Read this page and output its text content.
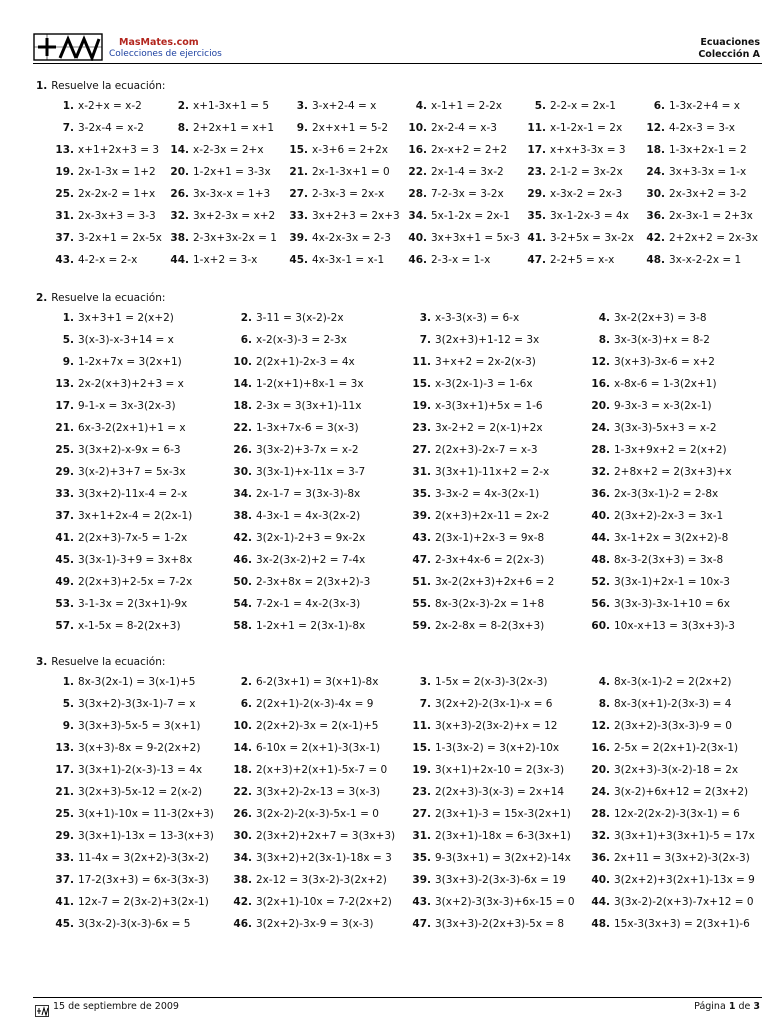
MasMates.com
Colecciones de ejercicios
Ecuaciones
Colección A
1. Resuelve la ecuación:
1. x-2+x = x-2	2. x+1-3x+1 = 5	3. 3-x+2-4 = x	4. x-1+1 = 2-2x	5. 2-2-x = 2x-1	6. 1-3x-2+4 = x
7. 3-2x-4 = x-2	8. 2+2x+1 = x+1	9. 2x+x+1 = 5-2	10. 2x-2-4 = x-3	11. x-1-2x-1 = 2x	12. 4-2x-3 = 3-x
13. x+1+2x+3 = 3	14. x-2-3x = 2+x	15. x-3+6 = 2+2x	16. 2x-x+2 = 2+2	17. x+x+3-3x = 3	18. 1-3x+2x-1 = 2
19. 2x-1-3x = 1+2	20. 1-2x+1 = 3-3x	21. 2x-1-3x+1 = 0	22. 2x-1-4 = 3x-2	23. 2-1-2 = 3x-2x	24. 3x+3-3x = 1-x
25. 2x-2x-2 = 1+x	26. 3x-3x-x = 1+3	27. 2-3x-3 = 2x-x	28. 7-2-3x = 3-2x	29. x-3x-2 = 2x-3	30. 2x-3x+2 = 3-2
31. 2x-3x+3 = 3-3	32. 3x+2-3x = x+2	33. 3x+2+3 = 2x+3 34. 5x-1-2x = 2x-1	35. 3x-1-2x-3 = 4x	36. 2x-3x-1 = 2+3x
37. 3-2x+1 = 2x-5x 38. 2-3x+3x-2x = 1	39. 4x-2x-3x = 2-3	40. 3x+3x+1 = 5x-3 41. 3-2+5x = 3x-2x	42. 2+2x+2 = 2x-3x
43. 4-2-x = 2-x	44. 1-x+2 = 3-x	45. 4x-3x-1 = x-1	46. 2-3-x = 1-x	47. 2-2+5 = x-x	48. 3x-x-2-2x = 1
2. Resuelve la ecuación:
1. 3x+3+1 = 2(x+2)	2. 3-11 = 3(x-2)-2x	3. x-3-3(x-3) = 6-x	4. 3x-2(2x+3) = 3-8
5. 3(x-3)-x-3+14 = x	6. x-2(x-3)-3 = 2-3x	7. 3(2x+3)+1-12 = 3x	8. 3x-3(x-3)+x = 8-2
9. 1-2x+7x = 3(2x+1)	10. 2(2x+1)-2x-3 = 4x	11. 3+x+2 = 2x-2(x-3)	12. 3(x+3)-3x-6 = x+2
13. 2x-2(x+3)+2+3 = x	14. 1-2(x+1)+8x-1 = 3x	15. x-3(2x-1)-3 = 1-6x	16. x-8x-6 = 1-3(2x+1)
17. 9-1-x = 3x-3(2x-3)	18. 2-3x = 3(3x+1)-11x	19. x-3(3x+1)+5x = 1-6	20. 9-3x-3 = x-3(2x-1)
21. 6x-3-2(2x+1)+1 = x	22. 1-3x+7x-6 = 3(x-3)	23. 3x-2+2 = 2(x-1)+2x	24. 3(3x-3)-5x+3 = x-2
25. 3(3x+2)-x-9x = 6-3	26. 3(3x-2)+3-7x = x-2	27. 2(2x+3)-2x-7 = x-3	28. 1-3x+9x+2 = 2(x+2)
29. 3(x-2)+3+7 = 5x-3x	30. 3(3x-1)+x-11x = 3-7	31. 3(3x+1)-11x+2 = 2-x	32. 2+8x+2 = 2(3x+3)+x
33. 3(3x+2)-11x-4 = 2-x	34. 2x-1-7 = 3(3x-3)-8x	35. 3-3x-2 = 4x-3(2x-1)	36. 2x-3(3x-1)-2 = 2-8x
37. 3x+1+2x-4 = 2(2x-1)	38. 4-3x-1 = 4x-3(2x-2)	39. 2(x+3)+2x-11 = 2x-2	40. 2(3x+2)-2x-3 = 3x-1
41. 2(2x+3)-7x-5 = 1-2x	42. 3(2x-1)-2+3 = 9x-2x	43. 2(3x-1)+2x-3 = 9x-8	44. 3x-1+2x = 3(2x+2)-8
45. 3(3x-1)-3+9 = 3x+8x	46. 3x-2(3x-2)+2 = 7-4x	47. 2-3x+4x-6 = 2(2x-3)	48. 8x-3-2(3x+3) = 3x-8
49. 2(2x+3)+2-5x = 7-2x	50. 2-3x+8x = 2(3x+2)-3	51. 3x-2(2x+3)+2x+6 = 2	52. 3(3x-1)+2x-1 = 10x-3
53. 3-1-3x = 2(3x+1)-9x	54. 7-2x-1 = 4x-2(3x-3)	55. 8x-3(2x-3)-2x = 1+8	56. 3(3x-3)-3x-1+10 = 6x
57. x-1-5x = 8-2(2x+3)	58. 1-2x+1 = 2(3x-1)-8x	59. 2x-2-8x = 8-2(3x+3)	60. 10x-x+13 = 3(3x+3)-3
3. Resuelve la ecuación:
1. 8x-3(2x-1) = 3(x-1)+5	2. 6-2(3x+1) = 3(x+1)-8x	3. 1-5x = 2(x-3)-3(2x-3)	4. 8x-3(x-1)-2 = 2(2x+2)
5. 3(3x+2)-3(3x-1)-7 = x	6. 2(2x+1)-2(x-3)-4x = 9	7. 3(2x+2)-2(3x-1)-x = 6	8. 8x-3(x+1)-2(3x-3) = 4
9. 3(3x+3)-5x-5 = 3(x+1)	10. 2(2x+2)-3x = 2(x-1)+5	11. 3(x+3)-2(3x-2)+x = 12	12. 2(3x+2)-3(3x-3)-9 = 0
13. 3(x+3)-8x = 9-2(2x+2)	14. 6-10x = 2(x+1)-3(3x-1)	15. 1-3(3x-2) = 3(x+2)-10x	16. 2-5x = 2(2x+1)-2(3x-1)
17. 3(3x+1)-2(x-3)-13 = 4x	18. 2(x+3)+2(x+1)-5x-7 = 0	19. 3(x+1)+2x-10 = 2(3x-3)	20. 3(2x+3)-3(x-2)-18 = 2x
21. 3(2x+3)-5x-12 = 2(x-2)	22. 3(3x+2)-2x-13 = 3(x-3)	23. 2(2x+3)-3(x-3) = 2x+14	24. 3(x-2)+6x+12 = 2(3x+2)
25. 3(x+1)-10x = 11-3(2x+3)	26. 3(2x-2)-2(x-3)-5x-1 = 0	27. 2(3x+1)-3 = 15x-3(2x+1)	28. 12x-2(2x-2)-3(3x-1) = 6
29. 3(3x+1)-13x = 13-3(x+3)	30. 2(3x+2)+2x+7 = 3(3x+3)	31. 2(3x+1)-18x = 6-3(3x+1)	32. 3(3x+1)+3(3x+1)-5 = 17x
33. 11-4x = 3(2x+2)-3(3x-2)	34. 3(3x+2)+2(3x-1)-18x = 3	35. 9-3(3x+1) = 3(2x+2)-14x	36. 2x+11 = 3(3x+2)-3(2x-3)
37. 17-2(3x+3) = 6x-3(3x-3)	38. 2x-12 = 3(3x-2)-3(2x+2)	39. 3(3x+3)-2(3x-3)-6x = 19	40. 3(2x+2)+3(2x+1)-13x = 9
41. 12x-7 = 2(3x-2)+3(2x-1)	42. 3(2x+1)-10x = 7-2(2x+2)	43. 3(x+2)-3(3x-3)+6x-15 = 0	44. 3(3x-2)-2(x+3)-7x+12 = 0
45. 3(3x-2)-3(x-3)-6x = 5	46. 3(2x+2)-3x-9 = 3(x-3)	47. 3(3x+3)-2(2x+3)-5x = 8	48. 15x-3(3x+3) = 2(3x+1)-6
15 de septiembre de 2009	Página 1 de 3
